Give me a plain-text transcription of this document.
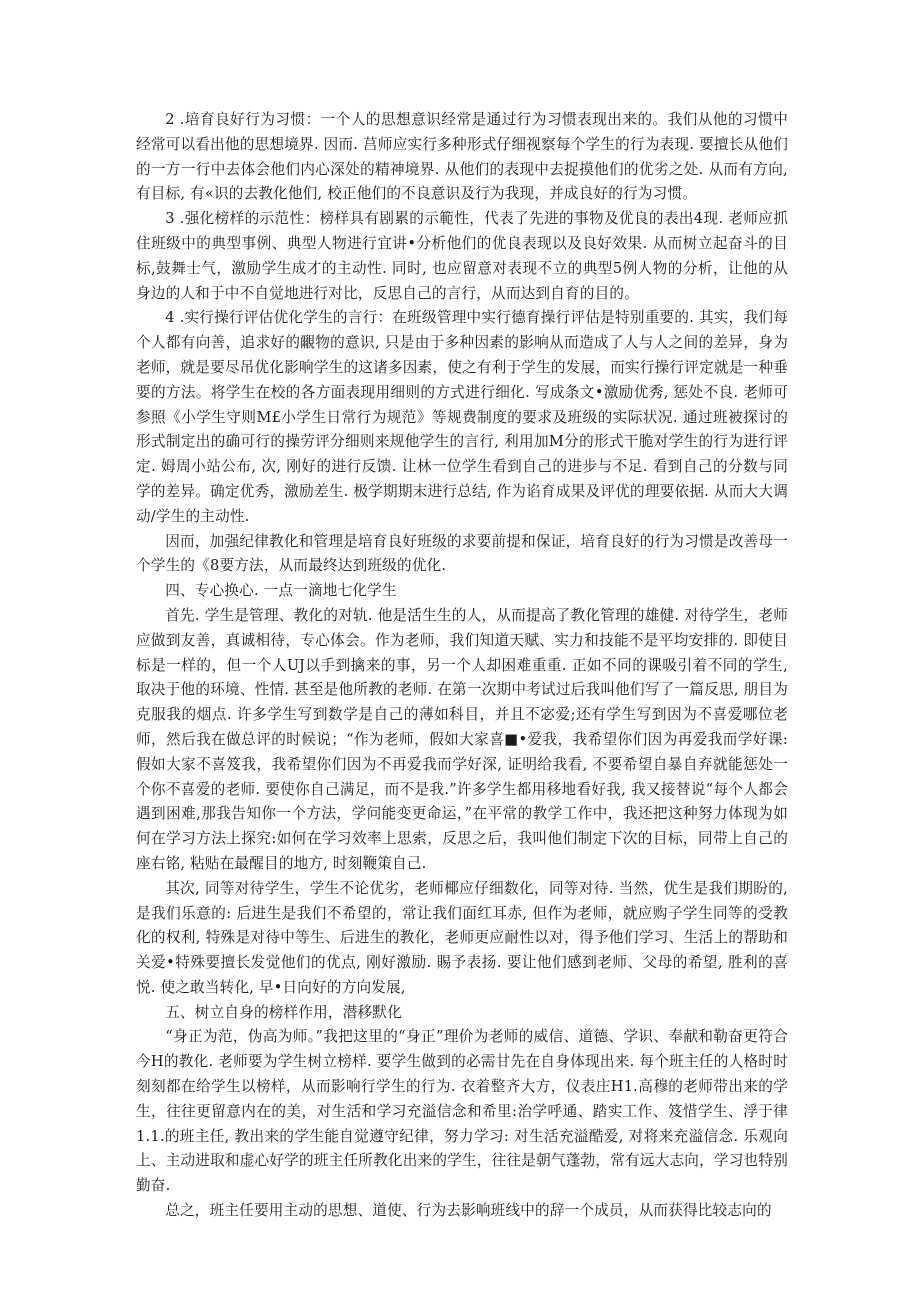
2 .培育良好行为习惯：一个人的思想意识经常是通过行为习惯表现出来的。我们从他的习惯中经常可以看出他的思想境界. 因而. 莒师应实行多种形式仔细视察每个学生的行为表现. 要擅长从他们的一方一行中去体会他们内心深处的精神境界. 从他们的表现中去捉摸他们的优劣之处. 从而有方向,有目标, 有«识的去教化他们, 校正他们的不良意识及行为我现，并成良好的行为习惯。

3 .强化榜样的示范性：榜样具有剧累的示範性，代表了先进的事物及优良的表出4现. 老师应抓住班级中的典型事例、典型人物进行宜讲•分析他们的优良表现以及良好效果. 从而树立起奋斗的目标,鼓舞士气，激励学生成才的主动性. 同时, 也应留意对表现不立的典型5例人物的分析，让他的从身边的人和于中不自觉地进行对比，反思自己的言行，从而达到自育的目的。

4 .实行操行评估优化学生的言行：在班级管理中实行德育操行评估是特别重要的. 其实，我们每个人都有向善，追求好的覼物的意识, 只是由于多种因素的影响从而造成了人与人之间的差异，身为老师，就是要尽吊优化影响学生的这诸多因素，使之有利于学生的发展，而实行操行评定就是一种垂要的方法。将学生在校的各方面表现用细则的方式进行细化. 写成条文•激励优秀, 惩处不良. 老师可参照《小学生守则M£小学生日常行为规范》等规费制度的要求及班级的实际状况. 通过班被探讨的形式制定出的确可行的操劳评分细则来规他学生的言行, 利用加M分的形式干脆对学生的行为进行评定. 姆周小站公布, 次, 刚好的进行反馈. 让林一位学生看到自己的进步与不足. 看到自己的分数与同学的差异。确定优秀，激励差生. 极学期期末进行总结, 作为谄育成果及评优的理要依据. 从而大大调动/学生的主动性.

因而，加强纪律教化和管理是培育良好班级的求要前提和保证，培育良好的行为习惯是改善母一个学生的《8要方法，从而最终达到班级的优化.

四、专心换心. 一点一滴地七化学生

首先. 学生是管理、教化的对轨. 他是活生生的人，从而提高了教化管理的雄健. 对待学生，老师应做到友善，真诚相待，专心体会。作为老师，我们知道天赋、实力和技能不是平均安排的. 即使目标是一样的，但一个人UJ以手到擒来的事，另一个人却困难重重. 正如不同的课吸引着不同的学生, 取决于他的环境、性情. 甚至是他所教的老师. 在第一次期中考试过后我叫他们写了一篇反思, 朋目为克服我的烟点. 许多学生写到数学是自己的薄如科目，并且不宓爱;还有学生写到因为不喜爱哪位老师，然后我在做总评的时候说；“作为老师，假如大家喜■•爱我，我希望你们因为再爱我而学好课:假如大家不喜笈我，我希望你们因为不再爱我而学好深, 证明给我看, 不要希望自暴自弃就能惩处一个你不喜爱的老师. 要使你自己满足，而不是我.”许多学生都用移地看好我, 我又接替说“每个人都会遇到困难,那我告知你一个方法，学问能变更命运，”在平常的教学工作中，我还把这种努力体现为如何在学习方法上探究:如何在学习效率上思索，反思之后，我叫他们制定下次的目标，同带上自己的座右铭, 粘贴在最醒目的地方, 时刻鞭策自己.

其次, 同等对待学生，学生不论优劣，老师椰应仔细数化，同等对待. 当然，优生是我们期盼的,是我们乐意的: 后进生是我们不希望的，常让我们面红耳赤, 但作为老师，就应购子学生同等的受教化的权利, 特殊是对待中等生、后进生的教化，老师更应耐性以对，得予他们学习、生活上的帮助和关爱•特殊要擅长发觉他们的优点, 刚好激励. 賜予表扬. 要让他们感到老师、父母的希望, 胜利的喜悦. 使之敢当转化, 早•日向好的方向发展,

五、树立自身的榜样作用，潜移默化

“身正为范，伪高为师。”我把这里的“身正”理价为老师的威信、道德、学识、奉献和勒奋更符合今H的教化. 老师要为学生树立榜样. 要学生做到的必需甘先在自身体现出来. 每个班主任的人格时时刻刻都在给学生以榜样，从而影响行学生的行为. 衣着整齐大方，仪表庄H1.高穆的老师带出来的学生，往往更留意内在的美，对生活和学习充溢信念和希里:治学呼通、踏实工作、笈惜学生、浮于律1.1.的班主任, 教出来的学生能自觉遵守纪律，努力学习: 对生活充溢酷爱, 对将来充溢信念. 乐观向上、主动进取和虚心好学的班主任所教化出来的学生，往往是朝气蓬勃，常有远大志向，学习也特别勤奋.

总之，班主任要用主动的思想、道使、行为去影响班线中的辞一个成员，从而获得比较志向的
